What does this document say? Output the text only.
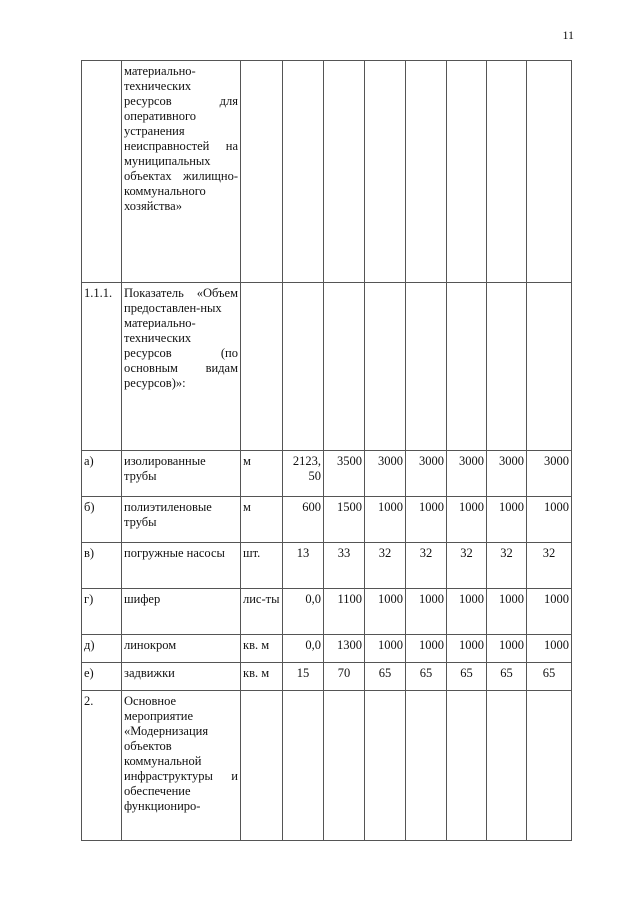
11
	материально-технических ресурсов для оперативного устранения неисправностей на муниципальных объектах жилищно-коммунального хозяйства»								
1.1.1.	Показатель «Объем предоставлен-ных материально-технических ресурсов (по основным видам ресурсов)»:								
а)	изолированные трубы	м	2123, 50	3500	3000	3000	3000	3000	3000
б)	полиэтиленовые трубы	м	600	1500	1000	1000	1000	1000	1000
в)	погружные насосы	шт.	13	33	32	32	32	32	32
г)	шифер	лис-ты	0,0	1100	1000	1000	1000	1000	1000
д)	линокром	кв. м	0,0	1300	1000	1000	1000	1000	1000
е)	задвижки	кв. м	15	70	65	65	65	65	65
2.	Основное мероприятие «Модернизация объектов коммунальной инфраструктуры и обеспечение функциониро-								
